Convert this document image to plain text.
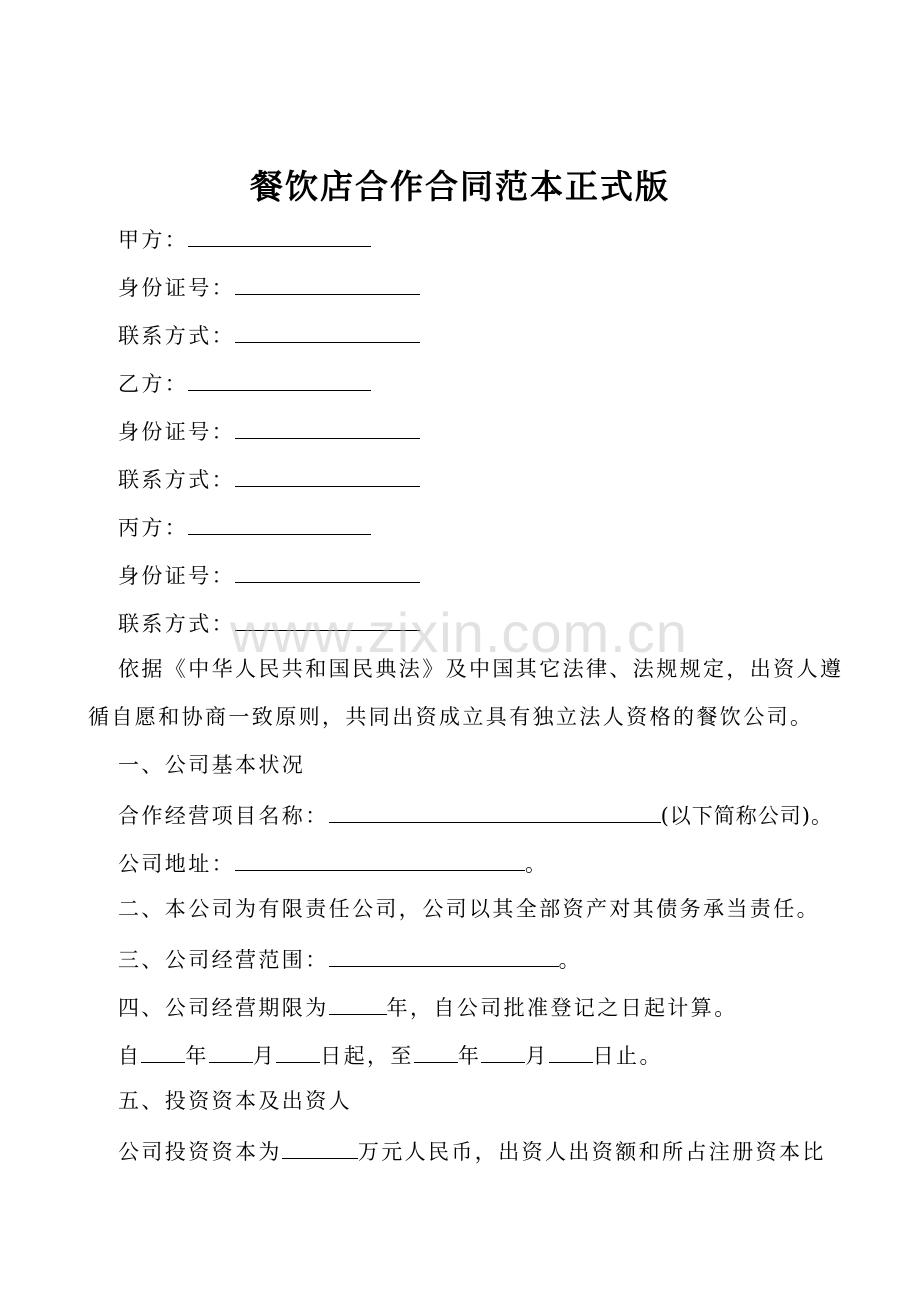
餐饮店合作合同范本正式版
甲方：
身份证号：
联系方式：
乙方：
身份证号：
联系方式：
丙方：
身份证号：
联系方式：
依据《中华人民共和国民典法》及中国其它法律、法规规定，出资人遵
循自愿和协商一致原则，共同出资成立具有独立法人资格的餐饮公司。
一、公司基本状况
合作经营项目名称：	(以下简称公司)。
公司地址：	。
二、本公司为有限责任公司，公司以其全部资产对其债务承当责任。
三、公司经营范围：	。
四、公司经营期限为	年，自公司批准登记之日起计算。
自 年 月 日起，至 年 月 日止。
五、投资资本及出资人
公司投资资本为	万元人民币，出资人出资额和所占注册资本比
www.zixin.com.cn
